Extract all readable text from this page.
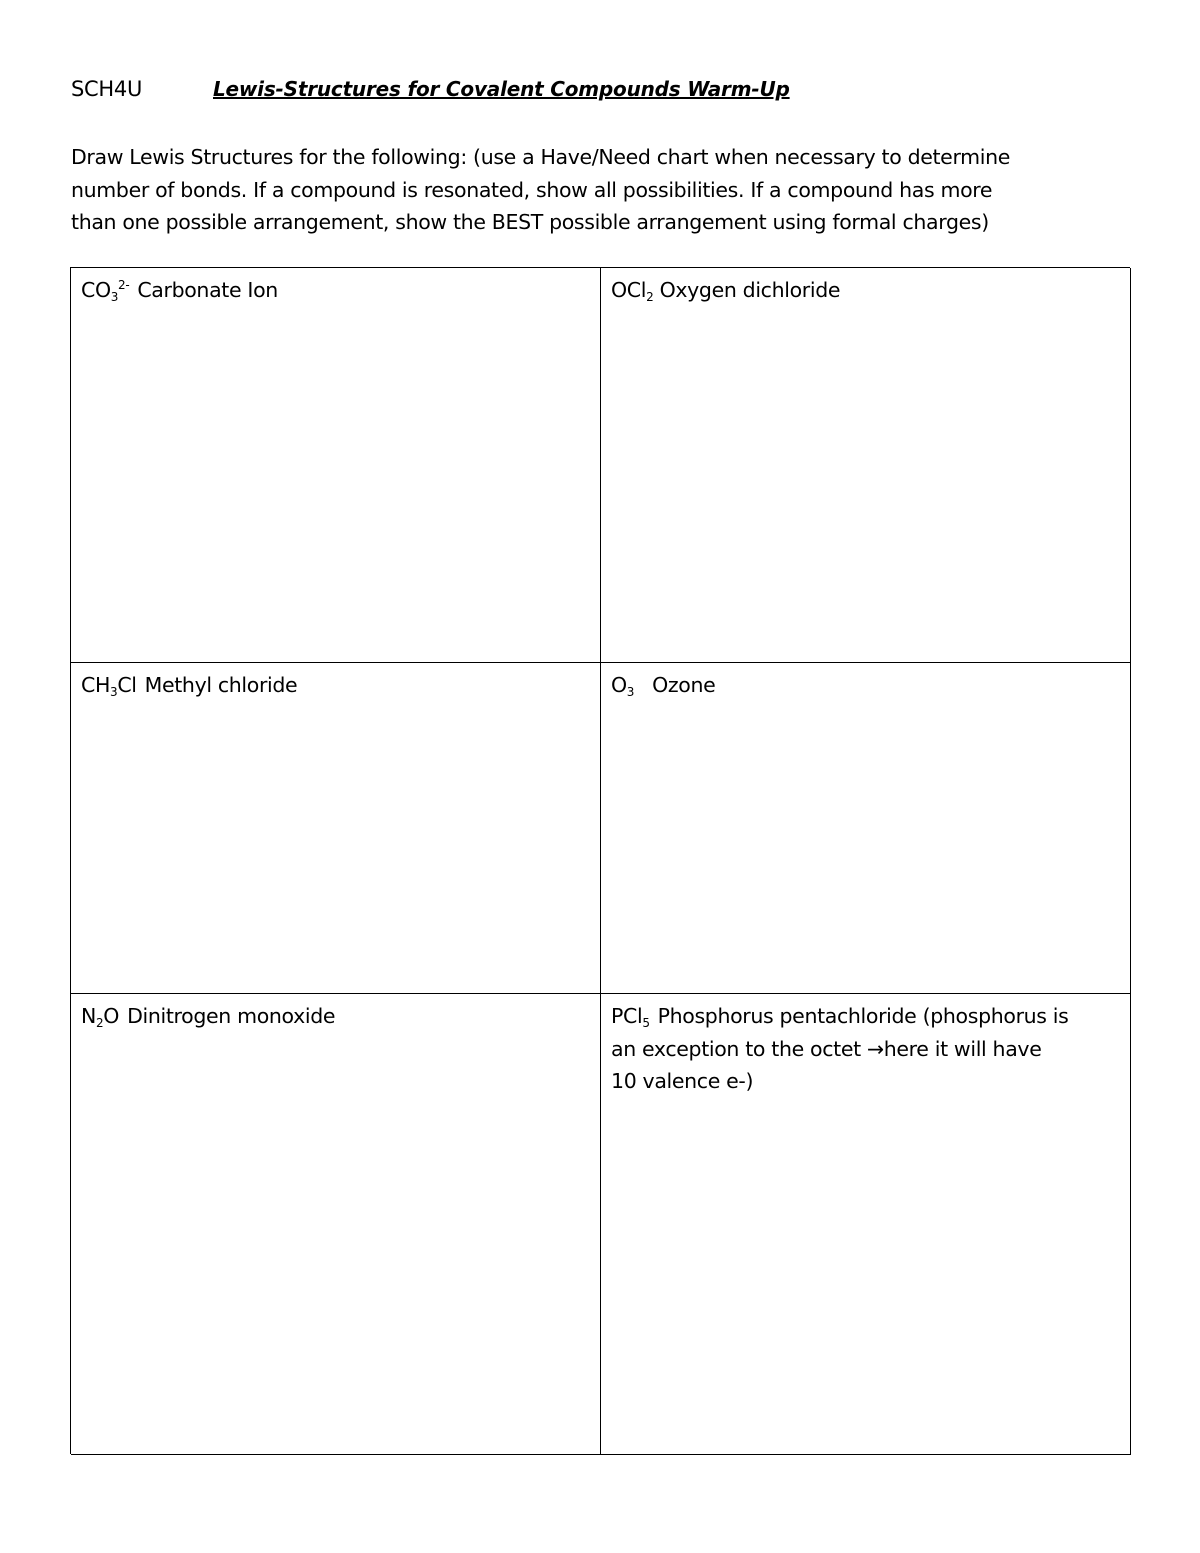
SCH4U	Lewis-Structures for Covalent Compounds Warm-Up
Draw Lewis Structures for the following: (use a Have/Need chart when necessary to determine
number of bonds. If a compound is resonated, show all possibilities. If a compound has more
than one possible arrangement, show the BEST possible arrangement using formal charges)
$CO_3^{2-}$ Carbonate Ion	OCl$_2$ Oxygen dichloride
$CH_3Cl$ Methyl chloride	$O_3$ Ozone
$N_2O$ Dinitrogen monoxide	PCl$_5$ Phosphorus pentachloride (phosphorus is
an exception to the octet →here it will have
10 valence e-)
